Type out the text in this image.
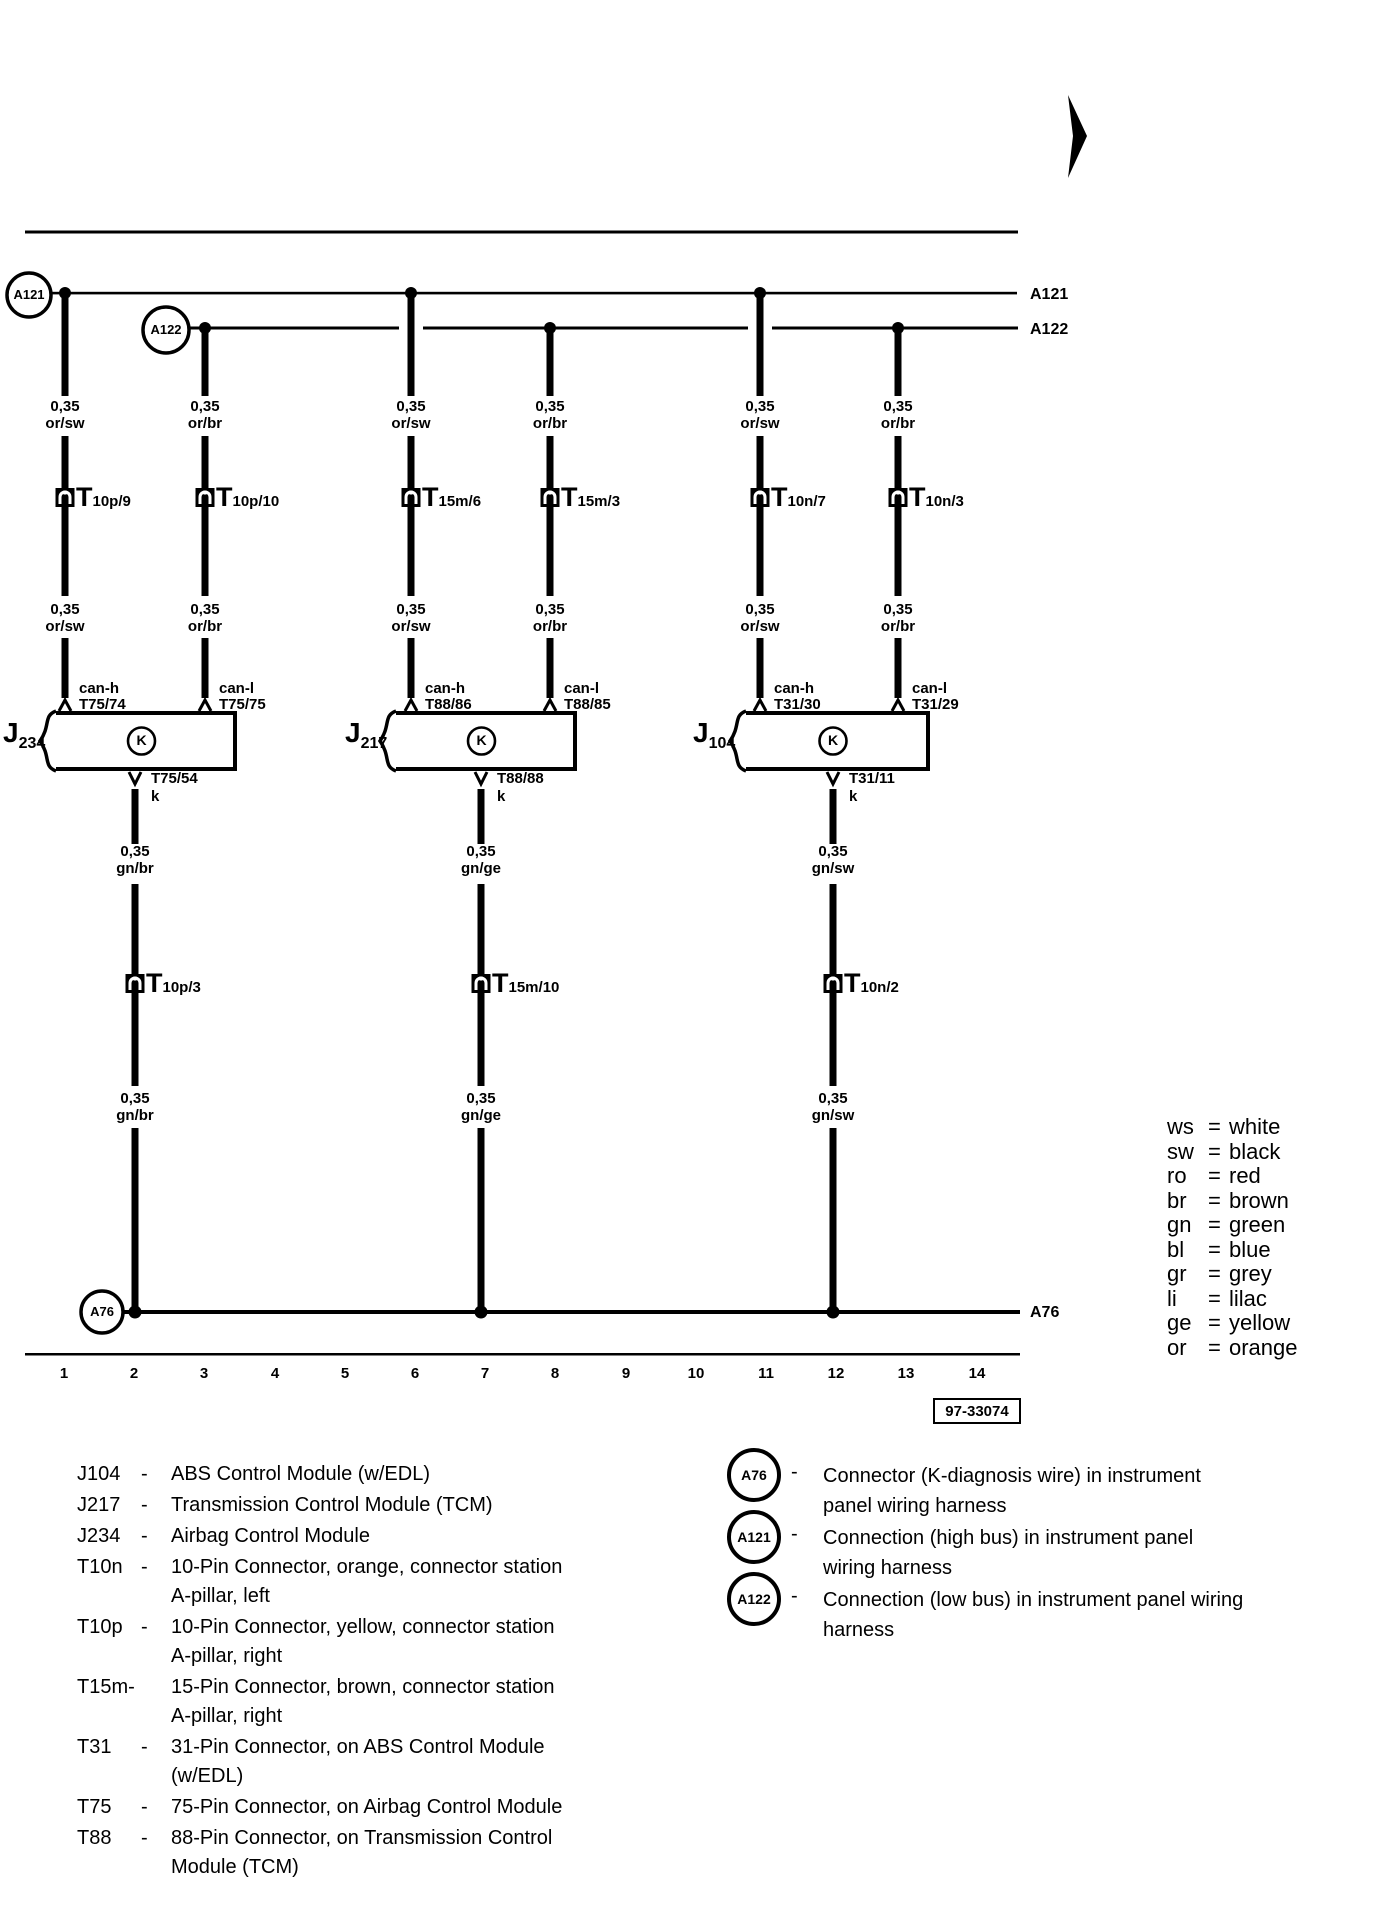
A121
A122
A76
0,35
or/sw
T10p/9
0,35
or/sw
can-h
T75/74
0,35
or/br
T10p/10
0,35
or/br
can-l
T75/75
0,35
or/sw
T15m/6
0,35
or/sw
can-h
T88/86
0,35
or/br
T15m/3
0,35
or/br
can-l
T88/85
0,35
or/sw
T10n/7
0,35
or/sw
can-h
T31/30
0,35
or/br
T10n/3
0,35
or/br
can-l
T31/29
J234	K
T75/54
k
0,35
gn/br
T10p/3
0,35
gn/br
J217	K
T88/88
k
0,35
gn/ge
T15m/10
0,35
gn/ge
J104	K
T31/11
k
0,35
gn/sw
T10n/2
0,35
gn/sw
1	2	3	4	5	6	7	8	9	10	11	12	13	14
A121
A122
A76
97-33074
ws = white
sw = black
ro = red
br = brown
gn = green
bl	= blue
gr = grey
li	= lilac
ge = yellow
or = orange
J104	-	ABS Control Module (w/EDL)
J217	-	Transmission Control Module (TCM)
J234	-	Airbag Control Module
T10n -	10-Pin Connector, orange, connector station
A-pillar, left
T10p -	10-Pin Connector, yellow, connector station
A-pillar, right
T15m-	15-Pin Connector, brown, connector station
A-pillar, right
T31	-	31-Pin Connector, on ABS Control Module
(w/EDL)
T75	-	75-Pin Connector, on Airbag Control Module
T88	-	88-Pin Connector, on Transmission Control
Module (TCM)
A76	- Connector (K-diagnosis wire) in instrument
panel wiring harness
A121	- Connection (high bus) in instrument panel
wiring harness
A122	- Connection (low bus) in instrument panel wiring
harness
